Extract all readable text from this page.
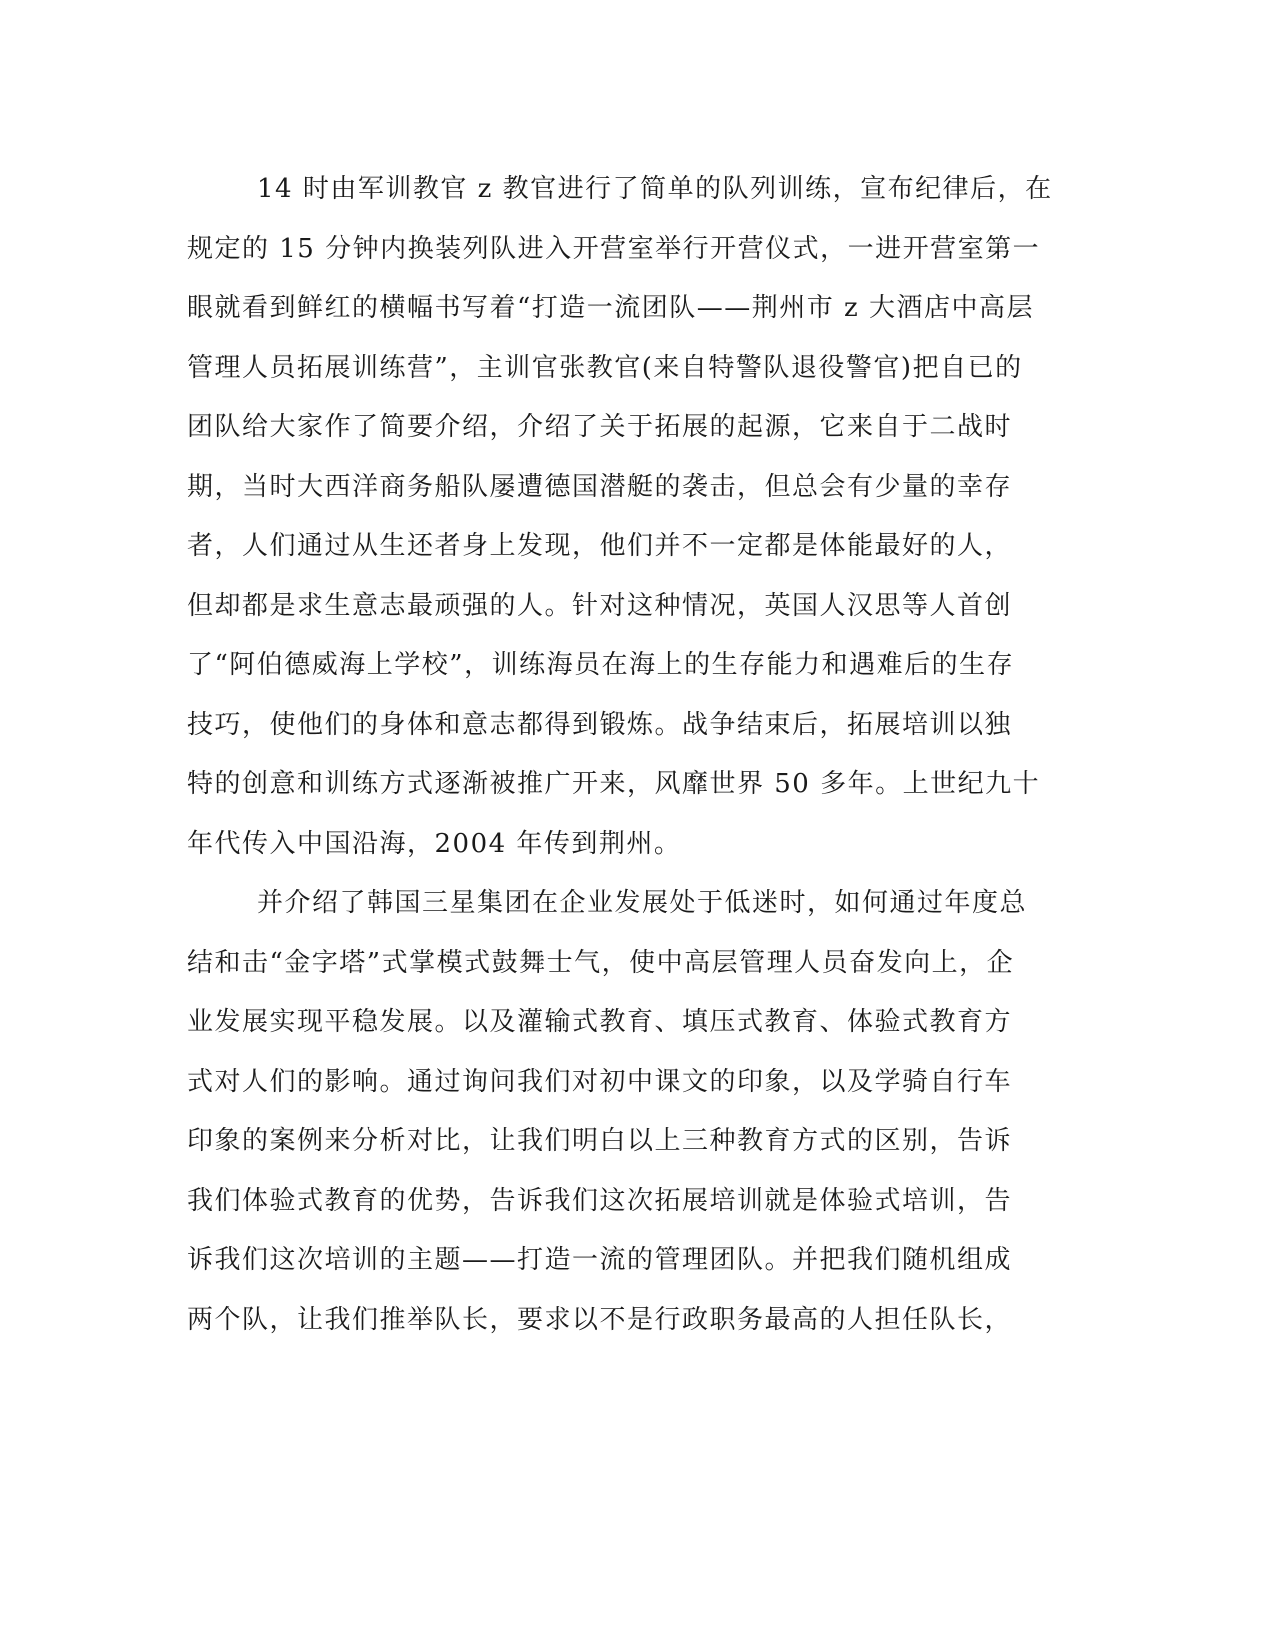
14 时由军训教官 z 教官进行了简单的队列训练，宣布纪律后，在
规定的 15 分钟内换装列队进入开营室举行开营仪式，一进开营室第一
眼就看到鲜红的横幅书写着“打造一流团队——荆州市 z 大酒店中高层
管理人员拓展训练营”，主训官张教官(来自特警队退役警官)把自已的
团队给大家作了简要介绍，介绍了关于拓展的起源，它来自于二战时
期，当时大西洋商务船队屡遭德国潜艇的袭击，但总会有少量的幸存
者，人们通过从生还者身上发现，他们并不一定都是体能最好的人，
但却都是求生意志最顽强的人。针对这种情况，英国人汉思等人首创
了“阿伯德威海上学校”，训练海员在海上的生存能力和遇难后的生存
技巧，使他们的身体和意志都得到锻炼。战争结束后，拓展培训以独
特的创意和训练方式逐渐被推广开来，风靡世界 50 多年。上世纪九十
年代传入中国沿海，2004 年传到荆州。
并介绍了韩国三星集团在企业发展处于低迷时，如何通过年度总
结和击“金字塔”式掌模式鼓舞士气，使中高层管理人员奋发向上，企
业发展实现平稳发展。以及灌输式教育、填压式教育、体验式教育方
式对人们的影响。通过询问我们对初中课文的印象，以及学骑自行车
印象的案例来分析对比，让我们明白以上三种教育方式的区别，告诉
我们体验式教育的优势，告诉我们这次拓展培训就是体验式培训，告
诉我们这次培训的主题——打造一流的管理团队。并把我们随机组成
两个队，让我们推举队长，要求以不是行政职务最高的人担任队长，
